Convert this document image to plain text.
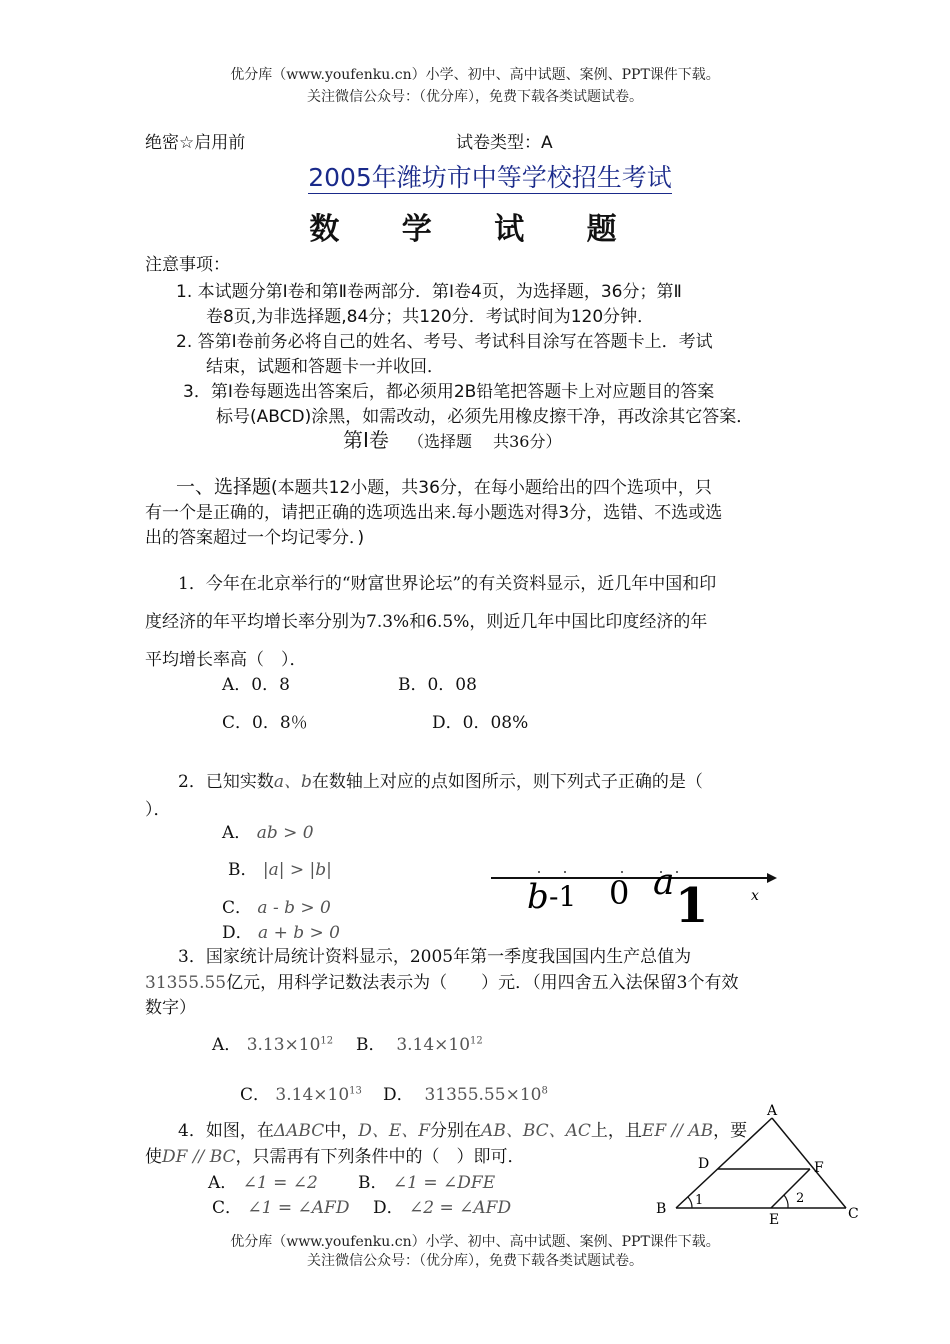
优分库（www.youfenku.cn）小学、初中、高中试题、案例、PPT课件下载。
关注微信公众号：（优分库），免费下载各类试题试卷。
绝密☆启用前	试卷类型：A
2005年潍坊市中等学校招生考试
数 学 试 题
注意事项：
1. 本试题分第Ⅰ卷和第Ⅱ卷两部分．第Ⅰ卷4页，为选择题，36分；第Ⅱ
卷8页,为非选择题,84分；共120分．考试时间为120分钟．
2. 答第Ⅰ卷前务必将自己的姓名、考号、考试科目涂写在答题卡上．考试
结束，试题和答题卡一并收回．
3．第Ⅰ卷每题选出答案后，都必须用2B铅笔把答题卡上对应题目的答案
标号(ABCD)涂黑，如需改动，必须先用橡皮擦干净，再改涂其它答案．
第Ⅰ卷 （选择题　 共36分）
一、选择题(本题共12小题，共36分，在每小题给出的四个选项中，只
有一个是正确的，请把正确的选项选出来.每小题选对得3分，选错、不选或选
出的答案超过一个均记零分．)
1．今年在北京举行的“财富世界论坛”的有关资料显示，近几年中国和印
度经济的年平均增长率分别为7.3%和6.5%，则近几年中国比印度经济的年
平均增长率高（　）．
A．0．8	B．0．08
C．0．8％	D．0．08%
2．已知实数a、b在数轴上对应的点如图所示，则下列式子正确的是（
）．
A． ab > 0
B． |a| > |b|
C． a - b > 0
D． a + b > 0
b -1 0 a 1	x
3．国家统计局统计资料显示，2005年第一季度我国国内生产总值为
31355.55亿元，用科学记数法表示为（　　）元．（用四舍五入法保留3个有效
数字）
A． $3.13\times 10^{12}$ B． $3.14\times 10^{12}$
C． $3.14\times 10^{13}$ D． $31355.55\times 10^8$
4．如图，在ΔABC中，D、E、F分别在AB、BC、AC上，且EF // AB，要
使DF // BC，只需再有下列条件中的（　）即可．
A． ∠1 = ∠2 B． ∠1 = ∠DFE
C． ∠1 = ∠AFD D． ∠2 = ∠AFD
A
B	C
D
E
F
1	2
优分库（www.youfenku.cn）小学、初中、高中试题、案例、PPT课件下载。
关注微信公众号：（优分库），免费下载各类试题试卷。
